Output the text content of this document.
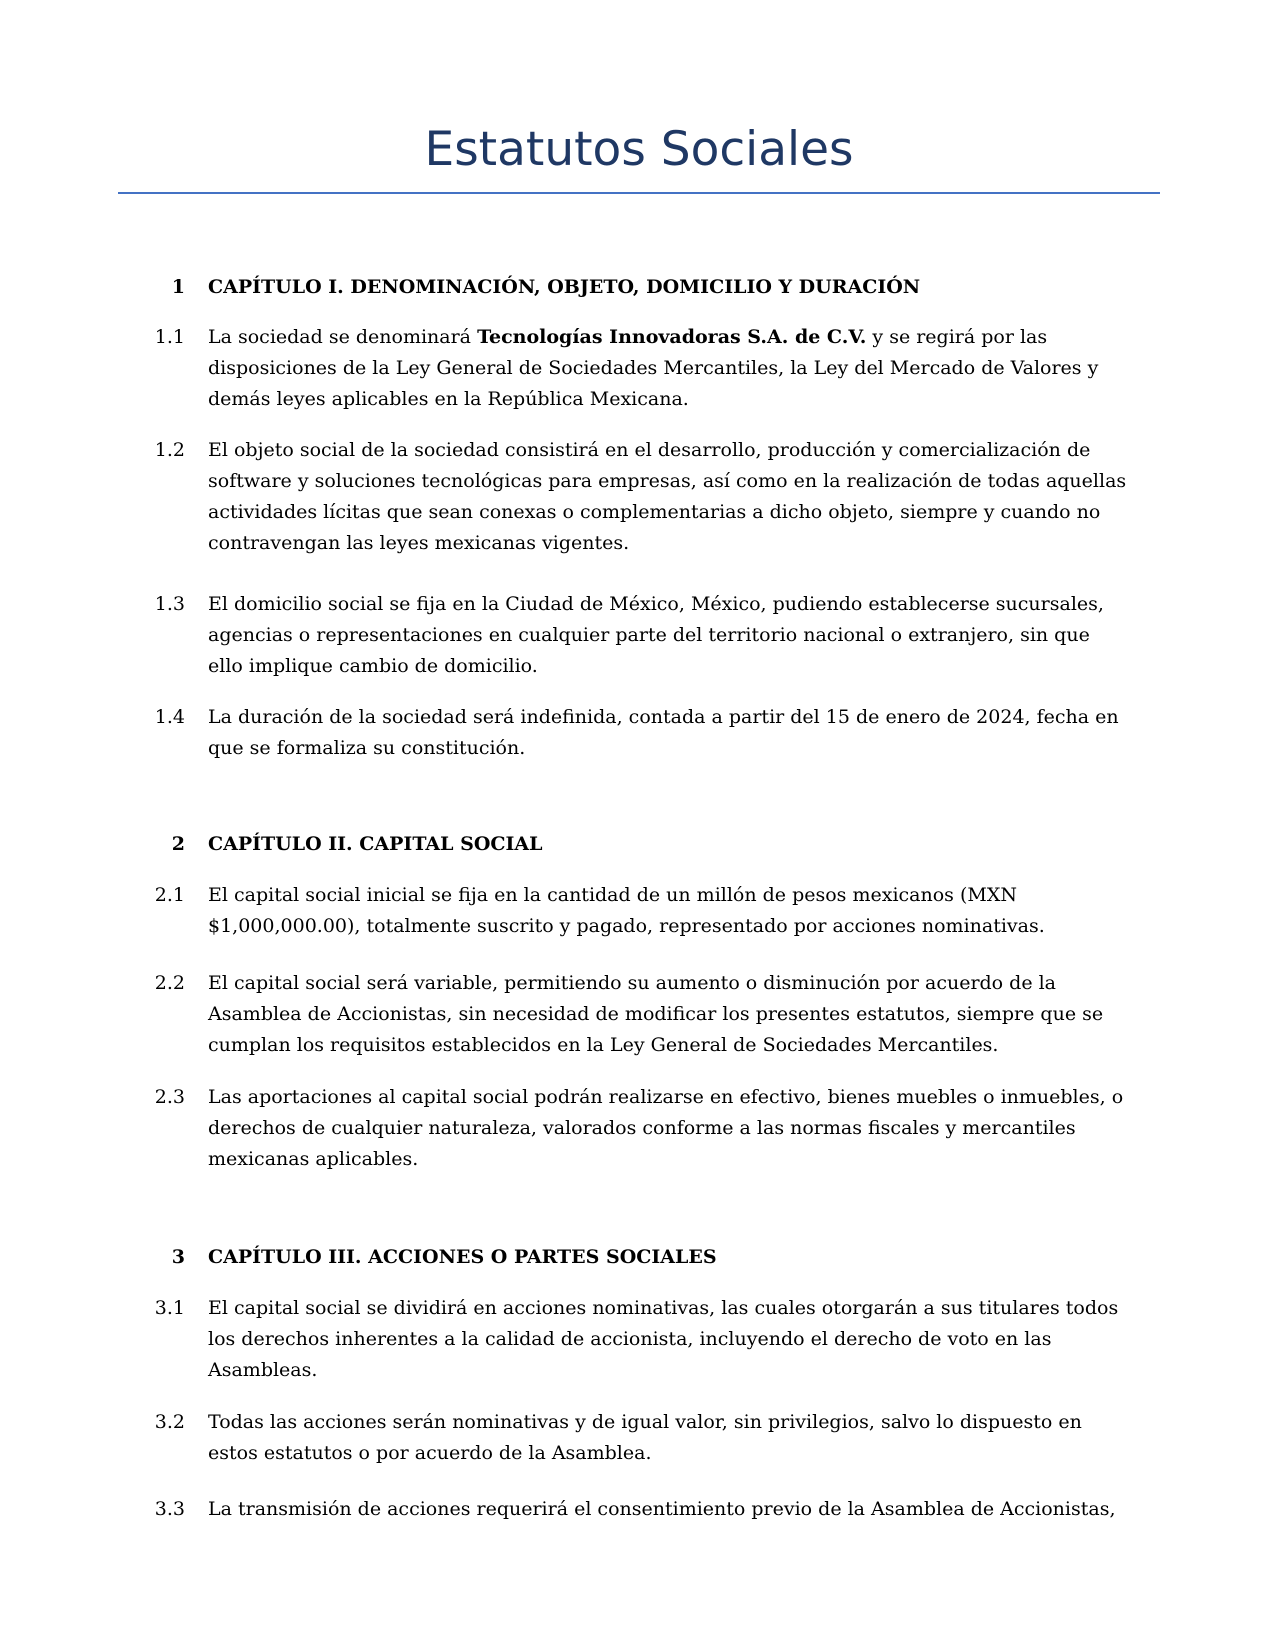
Estatutos Sociales
1 CAPÍTULO I. DENOMINACIÓN, OBJETO, DOMICILIO Y DURACIÓN
1.1 La sociedad se denominará Tecnologías Innovadoras S.A. de C.V. y se regirá por las
disposiciones de la Ley General de Sociedades Mercantiles, la Ley del Mercado de Valores y
demás leyes aplicables en la República Mexicana.
1.2 El objeto social de la sociedad consistirá en el desarrollo, producción y comercialización de
software y soluciones tecnológicas para empresas, así como en la realización de todas aquellas
actividades lícitas que sean conexas o complementarias a dicho objeto, siempre y cuando no
contravengan las leyes mexicanas vigentes.
1.3 El domicilio social se fija en la Ciudad de México, México, pudiendo establecerse sucursales,
agencias o representaciones en cualquier parte del territorio nacional o extranjero, sin que
ello implique cambio de domicilio.
1.4 La duración de la sociedad será indefinida, contada a partir del 15 de enero de 2024, fecha en
que se formaliza su constitución.
2 CAPÍTULO II. CAPITAL SOCIAL
2.1 El capital social inicial se fija en la cantidad de un millón de pesos mexicanos (MXN
$1,000,000.00), totalmente suscrito y pagado, representado por acciones nominativas.
2.2 El capital social será variable, permitiendo su aumento o disminución por acuerdo de la
Asamblea de Accionistas, sin necesidad de modificar los presentes estatutos, siempre que se
cumplan los requisitos establecidos en la Ley General de Sociedades Mercantiles.
2.3 Las aportaciones al capital social podrán realizarse en efectivo, bienes muebles o inmuebles, o
derechos de cualquier naturaleza, valorados conforme a las normas fiscales y mercantiles
mexicanas aplicables.
3 CAPÍTULO III. ACCIONES O PARTES SOCIALES
3.1 El capital social se dividirá en acciones nominativas, las cuales otorgarán a sus titulares todos
los derechos inherentes a la calidad de accionista, incluyendo el derecho de voto en las
Asambleas.
3.2 Todas las acciones serán nominativas y de igual valor, sin privilegios, salvo lo dispuesto en
estos estatutos o por acuerdo de la Asamblea.
3.3 La transmisión de acciones requerirá el consentimiento previo de la Asamblea de Accionistas,
